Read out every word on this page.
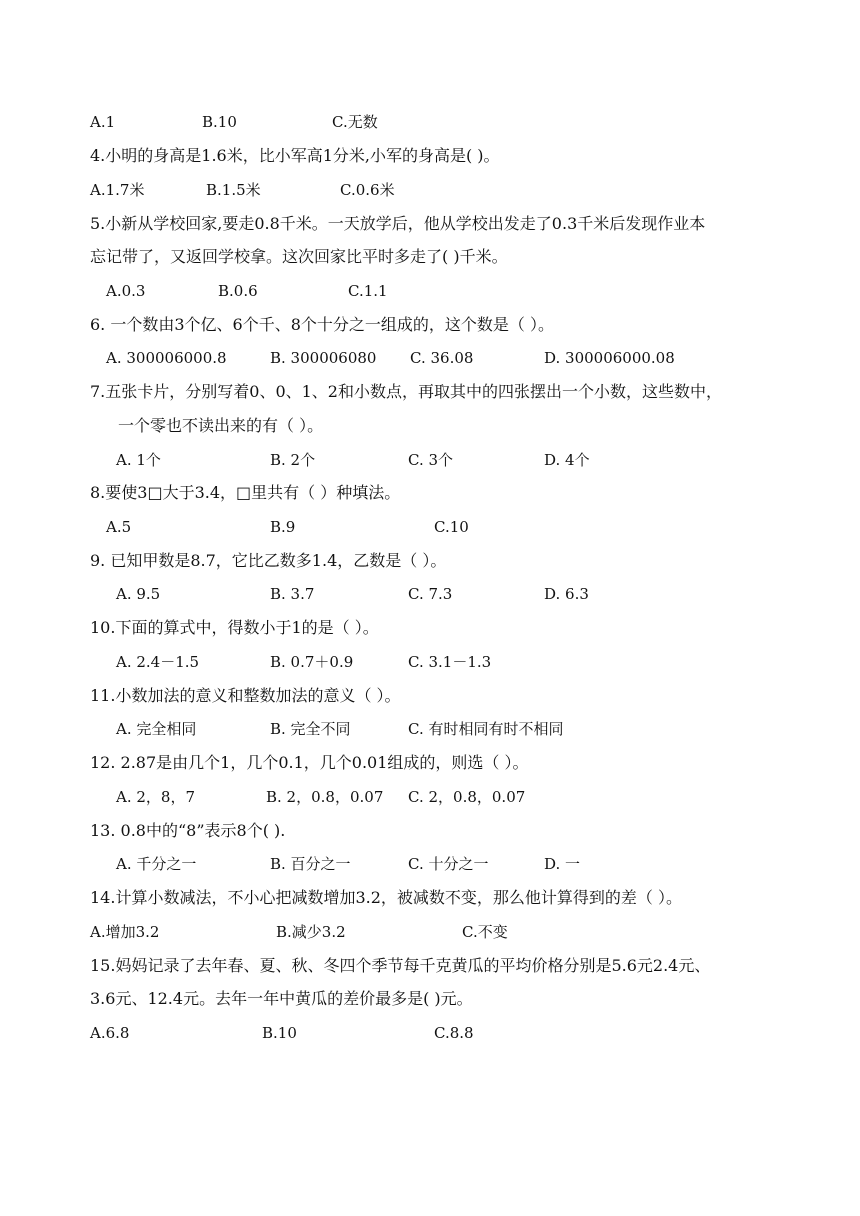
A.1	B.10	C.无数
4.小明的身高是1.6米，比小军高1分米,小军的身高是( )。
A.1.7米	B.1.5米	C.0.6米
5.小新从学校回家,要走0.8千米。一天放学后，他从学校出发走了0.3千米后发现作业本
忘记带了，又返回学校拿。这次回家比平时多走了( )千米。
A.0.3	B.0.6	C.1.1
6. 一个数由3个亿、6个千、8个十分之一组成的，这个数是（ ）。
A. 300006000.8	B. 300006080 C. 36.08	D. 300006000.08
7.五张卡片，分别写着0、0、1、2和小数点，再取其中的四张摆出一个小数，这些数中，
一个零也不读出来的有（ ）。
A. 1个	B. 2个	C. 3个	D. 4个
8.要使3□大于3.4，□里共有（ ）种填法。
A.5	B.9	C.10
9. 已知甲数是8.7，它比乙数多1.4，乙数是（ ）。
A. 9.5	B. 3.7	C. 7.3	D. 6.3
10.下面的算式中，得数小于1的是（ ）。
A. 2.4－1.5	B. 0.7＋0.9	C. 3.1－1.3
11.小数加法的意义和整数加法的意义（ ）。
A. 完全相同	B. 完全不同	C. 有时相同有时不相同
12. 2.87是由几个1，几个0.1，几个0.01组成的，则选（ ）。
A. 2，8，7	B. 2，0.8，0.07 C. 2，0.8，0.07
13. 0.8中的“8”表示8个( ).
A. 千分之一	B. 百分之一	C. 十分之一	D. 一
14.计算小数减法，不小心把减数增加3.2，被减数不变，那么他计算得到的差（ ）。
A.增加3.2	B.减少3.2	C.不变
15.妈妈记录了去年春、夏、秋、冬四个季节每千克黄瓜的平均价格分别是5.6元2.4元、
3.6元、12.4元。去年一年中黄瓜的差价最多是( )元。
A.6.8	B.10	C.8.8
